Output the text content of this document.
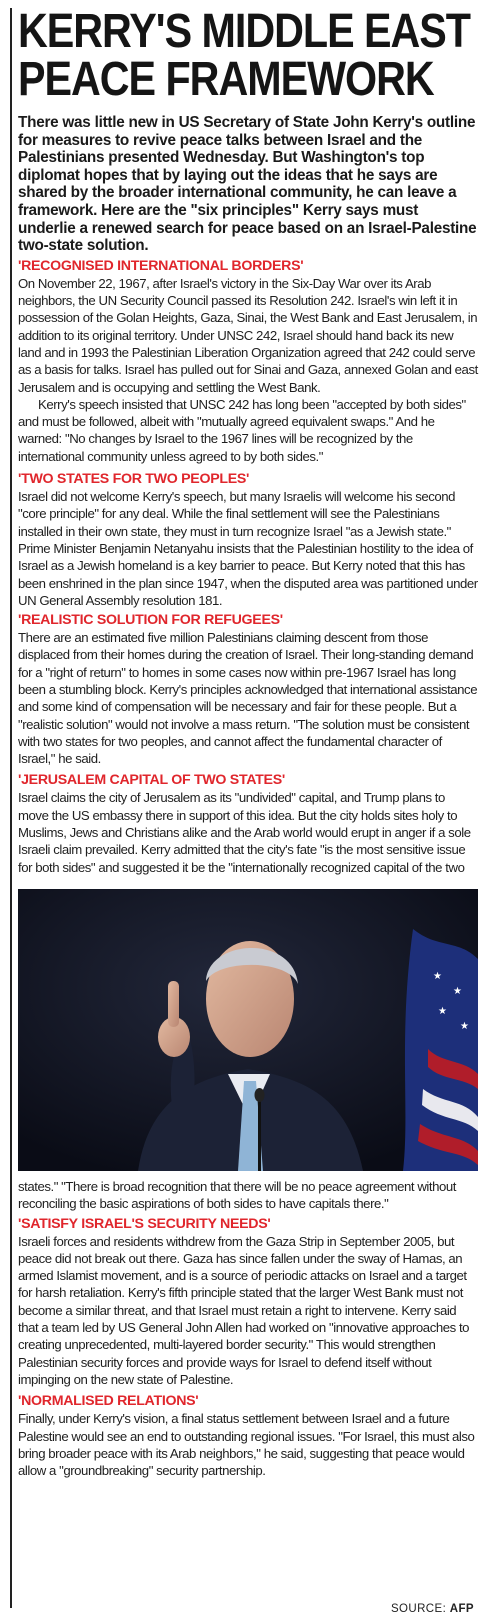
KERRY'S MIDDLE EAST
PEACE FRAMEWORK
There was little new in US Secretary of State John Kerry's outline for measures to revive peace talks between Israel and the Palestinians presented Wednesday. But Washington's top diplomat hopes that by laying out the ideas that he says are shared by the broader international community, he can leave a framework. Here are the "six principles" Kerry says must underlie a renewed search for peace based on an Israel-Palestine two-state solution.
'RECOGNISED INTERNATIONAL BORDERS'

On November 22, 1967, after Israel's victory in the Six-Day War over its Arab neighbors, the UN Security Council passed its Resolution 242. Israel's win left it in possession of the Golan Heights, Gaza, Sinai, the West Bank and East Jerusalem, in addition to its original territory. Under UNSC 242, Israel should hand back its new land and in 1993 the Palestinian Liberation Organization agreed that 242 could serve as a basis for talks. Israel has pulled out for Sinai and Gaza, annexed Golan and east Jerusalem and is occupying and settling the West Bank.

Kerry's speech insisted that UNSC 242 has long been "accepted by both sides" and must be followed, albeit with "mutually agreed equivalent swaps." And he warned: "No changes by Israel to the 1967 lines will be recognized by the international community unless agreed to by both sides."

'TWO STATES FOR TWO PEOPLES'

Israel did not welcome Kerry's speech, but many Israelis will welcome his second "core principle" for any deal. While the final settlement will see the Palestinians installed in their own state, they must in turn recognize Israel "as a Jewish state." Prime Minister Benjamin Netanyahu insists that the Palestinian hostility to the idea of Israel as a Jewish homeland is a key barrier to peace. But Kerry noted that this has been enshrined in the plan since 1947, when the disputed area was partitioned under UN General Assembly resolution 181.

'REALISTIC SOLUTION FOR REFUGEES'

There are an estimated five million Palestinians claiming descent from those displaced from their homes during the creation of Israel. Their long-standing demand for a "right of return" to homes in some cases now within pre-1967 Israel has long been a stumbling block. Kerry's principles acknowledged that international assistance and some kind of compensation will be necessary and fair for these people. But a "realistic solution" would not involve a mass return. "The solution must be consistent with two states for two peoples, and cannot affect the fundamental character of Israel," he said.

'JERUSALEM CAPITAL OF TWO STATES'

Israel claims the city of Jerusalem as its "undivided" capital, and Trump plans to move the US embassy there in support of this idea. But the city holds sites holy to Muslims, Jews and Christians alike and the Arab world would erupt in anger if a sole Israeli claim prevailed. Kerry admitted that the city's fate "is the most sensitive issue for both sides" and suggested it be the "internationally recognized capital of the two

★
★
★
★

states." "There is broad recognition that there will be no peace agreement without reconciling the basic aspirations of both sides to have capitals there."

'SATISFY ISRAEL'S SECURITY NEEDS'

Israeli forces and residents withdrew from the Gaza Strip in September 2005, but peace did not break out there. Gaza has since fallen under the sway of Hamas, an armed Islamist movement, and is a source of periodic attacks on Israel and a target for harsh retaliation. Kerry's fifth principle stated that the larger West Bank must not become a similar threat, and that Israel must retain a right to intervene. Kerry said that a team led by US General John Allen had worked on "innovative approaches to creating unprecedented, multi-layered border security." This would strengthen Palestinian security forces and provide ways for Israel to defend itself without impinging on the new state of Palestine.

'NORMALISED RELATIONS'

Finally, under Kerry's vision, a final status settlement between Israel and a future Palestine would see an end to outstanding regional issues. "For Israel, this must also bring broader peace with its Arab neighbors," he said, suggesting that peace would allow a "groundbreaking" security partnership.

SOURCE: AFP
